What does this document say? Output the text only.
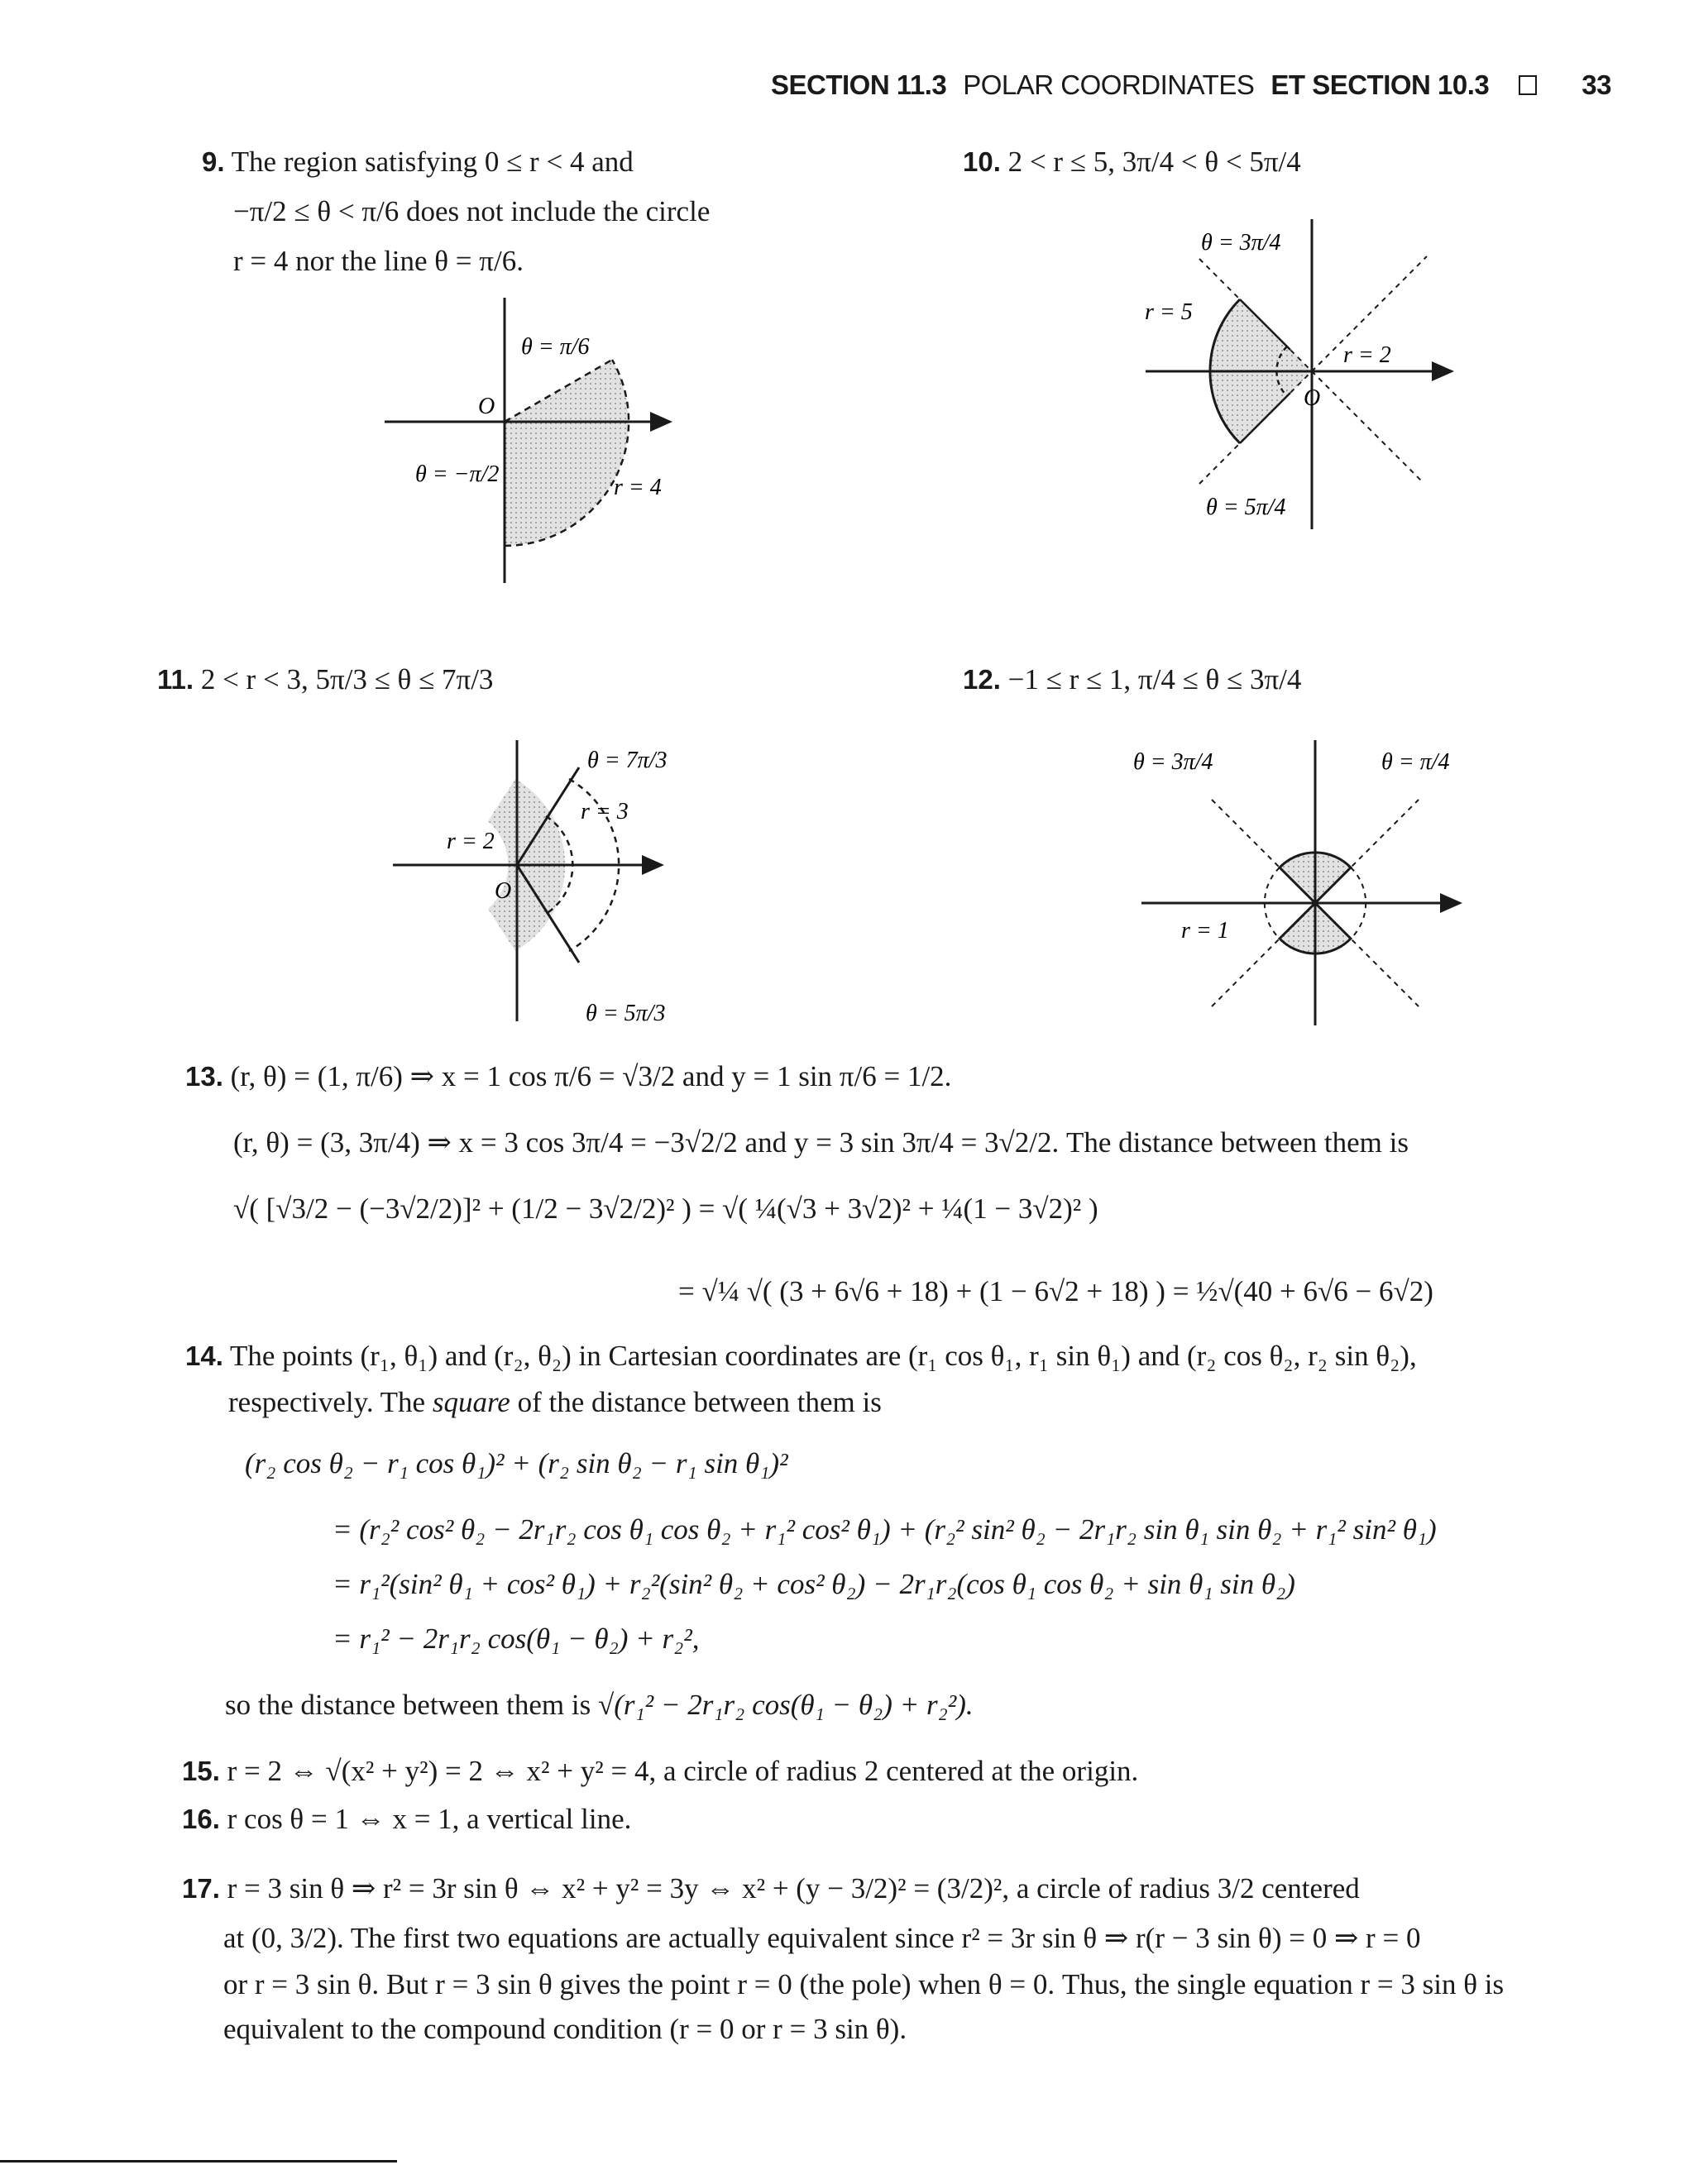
SECTION 11.3 POLAR COORDINATES ET SECTION 10.3	33
9. The region satisfying 0 ≤ r < 4 and
−π/2 ≤ θ < π/6 does not include the circle
r = 4 nor the line θ = π/6.
θ = π/6
O
θ = −π/2
r = 4
10. 2 < r ≤ 5, 3π/4 < θ < 5π/4
θ = 3π/4
r = 5
r = 2
O
θ = 5π/4
11. 2 < r < 3, 5π/3 ≤ θ ≤ 7π/3
θ = 7π/3
r = 3
r = 2
O
θ = 5π/3
12. −1 ≤ r ≤ 1, π/4 ≤ θ ≤ 3π/4
θ = 3π/4	θ = π/4
r = 1
13. (r, θ) = (1, π/6) ⇒ x = 1 cos π/6 = √3/2 and y = 1 sin π/6 = 1/2.
(r, θ) = (3, 3π/4) ⇒ x = 3 cos 3π/4 = −3√2/2 and y = 3 sin 3π/4 = 3√2/2. The distance between them is
√( [√3/2 − (−3√2/2)]² + (1/2 − 3√2/2)² ) = √( ¼(√3 + 3√2)² + ¼(1 − 3√2)² )
= √¼ √( (3 + 6√6 + 18) + (1 − 6√2 + 18) ) = ½√(40 + 6√6 − 6√2)
14. The points (r₁, θ₁) and (r₂, θ₂) in Cartesian coordinates are (r₁ cos θ₁, r₁ sin θ₁) and (r₂ cos θ₂, r₂ sin θ₂),
respectively. The square of the distance between them is
(r₂ cos θ₂ − r₁ cos θ₁)² + (r₂ sin θ₂ − r₁ sin θ₁)²
= (r₂² cos² θ₂ − 2r₁r₂ cos θ₁ cos θ₂ + r₁² cos² θ₁) + (r₂² sin² θ₂ − 2r₁r₂ sin θ₁ sin θ₂ + r₁² sin² θ₁)
= r₁²(sin² θ₁ + cos² θ₁) + r₂²(sin² θ₂ + cos² θ₂) − 2r₁r₂(cos θ₁ cos θ₂ + sin θ₁ sin θ₂)
= r₁² − 2r₁r₂ cos(θ₁ − θ₂) + r₂²,
so the distance between them is √(r₁² − 2r₁r₂ cos(θ₁ − θ₂) + r₂²).
15. r = 2 ⇔ √(x² + y²) = 2 ⇔ x² + y² = 4, a circle of radius 2 centered at the origin.
16. r cos θ = 1 ⇔ x = 1, a vertical line.
17. r = 3 sin θ ⇒ r² = 3r sin θ ⇔ x² + y² = 3y ⇔ x² + (y − 3/2)² = (3/2)², a circle of radius 3/2 centered
at (0, 3/2). The first two equations are actually equivalent since r² = 3r sin θ ⇒ r(r − 3 sin θ) = 0 ⇒ r = 0
or r = 3 sin θ. But r = 3 sin θ gives the point r = 0 (the pole) when θ = 0. Thus, the single equation r = 3 sin θ is
equivalent to the compound condition (r = 0 or r = 3 sin θ).
